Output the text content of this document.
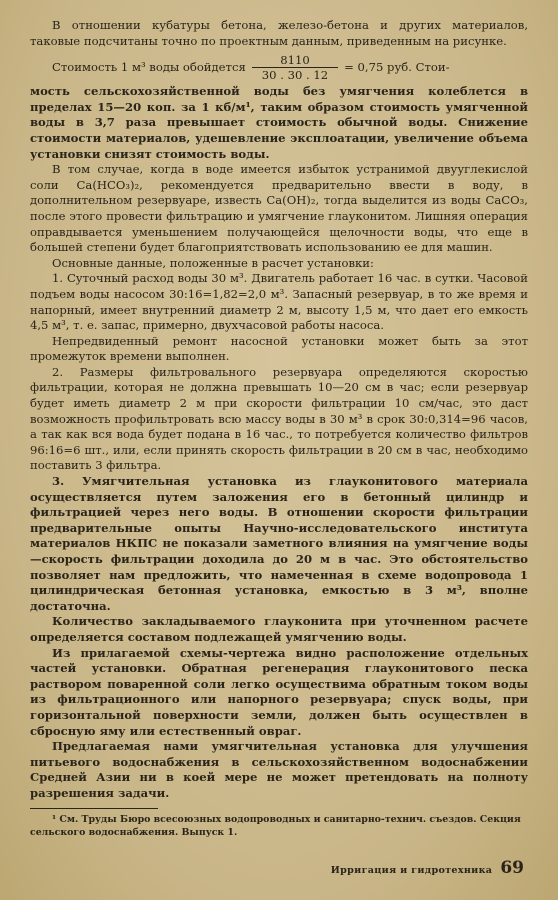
В отношении кубатуры бетона, железо-бетона и других материалов, таковые подсчитаны точно по проектным данным, приведенным на рисунке.

Стоимость 1 м³ воды обойдется $\frac{8110}{30 . 30 . 12} = 0,75$ руб. Стои-

мость сельскохозяйственной воды без умягчения колеблется в пределах 15—20 коп. за 1 кб/м¹, таким образом стоимость умягченной воды в 3,7 раза превышает стоимость обычной воды. Снижение стоимости материалов, удешевление эксплоатации, увеличение объема установки снизят стоимость воды.

В том случае, когда в воде имеется избыток устранимой двууглекислой соли Са(НСО₃)₂, рекомендуется предварительно ввести в воду, в дополнительном резервуаре, известь Са(ОН)₂, тогда выделится из воды СаСО₃, после этого провести фильтрацию и умягчение глауконитом. Лишняя операция оправдывается уменьшением получающейся щелочности воды, что еще в большей степени будет благоприятствовать использованию ее для машин.

Основные данные, положенные в расчет установки:

1. Суточный расход воды 30 м³. Двигатель работает 16 час. в сутки. Часовой подъем воды насосом 30:16=1,82=2,0 м³. Запасный резервуар, в то же время и напорный, имеет внутренний диаметр 2 м, высоту 1,5 м, что дает его емкость 4,5 м³, т. е. запас, примерно, двухчасовой работы насоса.

Непредвиденный ремонт насосной установки может быть за этот промежуток времени выполнен.

2. Размеры фильтровального резервуара определяются скоростью фильтрации, которая не должна превышать 10—20 см в час; если резервуар будет иметь диаметр 2 м при скорости фильтрации 10 см/час, это даст возможность профильтровать всю массу воды в 30 м³ в срок 30:0,314=96 часов, а так как вся вода будет подана в 16 час., то потребуется количество фильтров 96:16=6 шт., или, если принять скорость фильтрации в 20 см в час, необходимо поставить 3 фильтра.

3. Умягчительная установка из глауконитового материала осуществляется путем заложения его в бетонный цилиндр и фильтрацией через него воды. В отношении скорости фильтрации предварительные опыты Научно-исследовательского института материалов НКПС не показали заметного влияния на умягчение воды—скорость фильтрации доходила до 20 м в час. Это обстоятельство позволяет нам предложить, что намеченная в схеме водопровода 1 цилиндрическая бетонная установка, емкостью в 3 м³, вполне достаточна.

Количество закладываемого глауконита при уточненном расчете определяется составом подлежащей умягчению воды.

Из прилагаемой схемы-чертежа видно расположение отдельных частей установки. Обратная регенерация глауконитового песка раствором поваренной соли легко осуществима обратным током воды из фильтрационного или напорного резервуара; спуск воды, при горизонтальной поверхности земли, должен быть осуществлен в сбросную яму или естественный овраг.

Предлагаемая нами умягчительная установка для улучшения питьевого водоснабжения в сельскохозяйственном водоснабжении Средней Азии ни в коей мере не может претендовать на полноту разрешения задачи.

¹ См. Труды Бюро всесоюзных водопроводных и санитарно-технич. съездов. Секция сельского водоснабжения. Выпуск 1.

Ирригация и гидротехника 69
